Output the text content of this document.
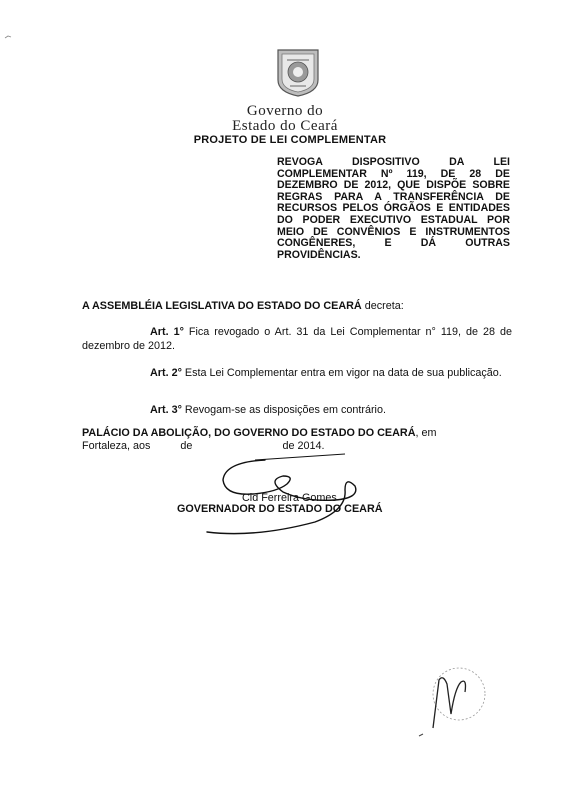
Governo do
Estado do Ceará
PROJETO DE LEI COMPLEMENTAR
REVOGA DISPOSITIVO DA LEI COMPLEMENTAR Nº 119, DE 28 DE DEZEMBRO DE 2012, QUE DISPÕE SOBRE REGRAS PARA A TRANSFERÊNCIA DE RECURSOS PELOS ÓRGÃOS E ENTIDADES DO PODER EXECUTIVO ESTADUAL POR MEIO DE CONVÊNIOS E INSTRUMENTOS CONGÊNERES, E DÁ OUTRAS PROVIDÊNCIAS.
A ASSEMBLÉIA LEGISLATIVA DO ESTADO DO CEARÁ decreta:
Art. 1° Fica revogado o Art. 31 da Lei Complementar n° 119, de 28 de dezembro de 2012.
Art. 2° Esta Lei Complementar entra em vigor na data de sua publicação.
Art. 3° Revogam-se as disposições em contrário.
PALÁCIO DA ABOLIÇÃO, DO GOVERNO DO ESTADO DO CEARÁ, em
Fortaleza, aos	de	de 2014.
Cid Ferreira Gomes
GOVERNADOR DO ESTADO DO CEARÁ
